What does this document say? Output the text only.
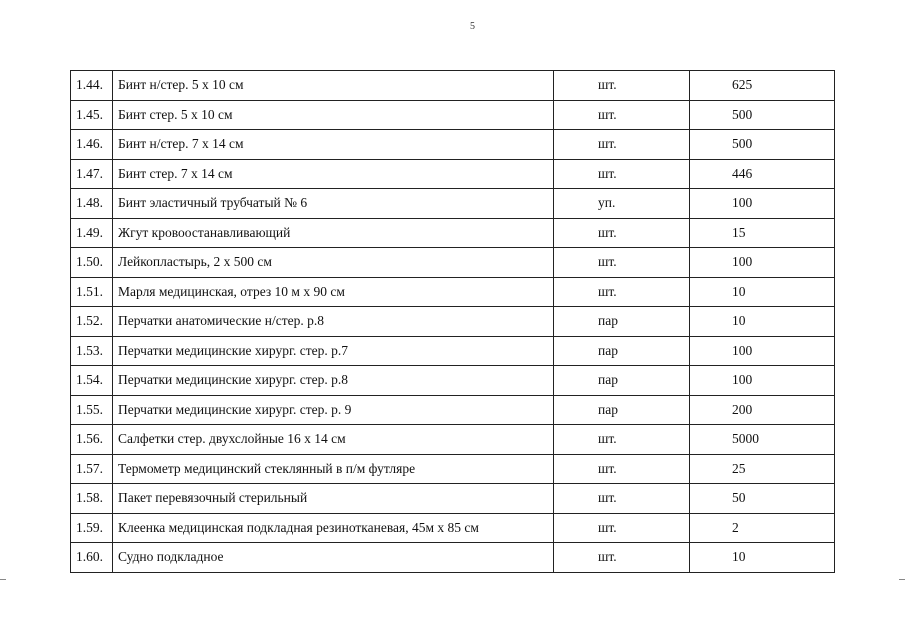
5
1.44.	Бинт н/стер. 5 х 10 см	шт.	625
1.45.	Бинт стер. 5 х 10 см	шт.	500
1.46.	Бинт н/стер. 7 х 14 см	шт.	500
1.47.	Бинт стер. 7 х 14 см	шт.	446
1.48.	Бинт эластичный трубчатый № 6	уп.	100
1.49.	Жгут кровоостанавливающий	шт.	15
1.50.	Лейкопластырь, 2 х 500 см	шт.	100
1.51.	Марля медицинская, отрез 10 м х 90 см	шт.	10
1.52.	Перчатки анатомические н/стер. р.8	пар	10
1.53.	Перчатки медицинские хирург. стер. р.7	пар	100
1.54.	Перчатки медицинские хирург. стер. р.8	пар	100
1.55.	Перчатки медицинские хирург. стер. р. 9	пар	200
1.56.	Салфетки стер. двухслойные 16 х 14 см	шт.	5000
1.57.	Термометр медицинский стеклянный в п/м футляре	шт.	25
1.58.	Пакет перевязочный стерильный	шт.	50
1.59.	Клеенка медицинская подкладная резинотканевая, 45м х 85 см	шт.	2
1.60.	Судно подкладное	шт.	10
